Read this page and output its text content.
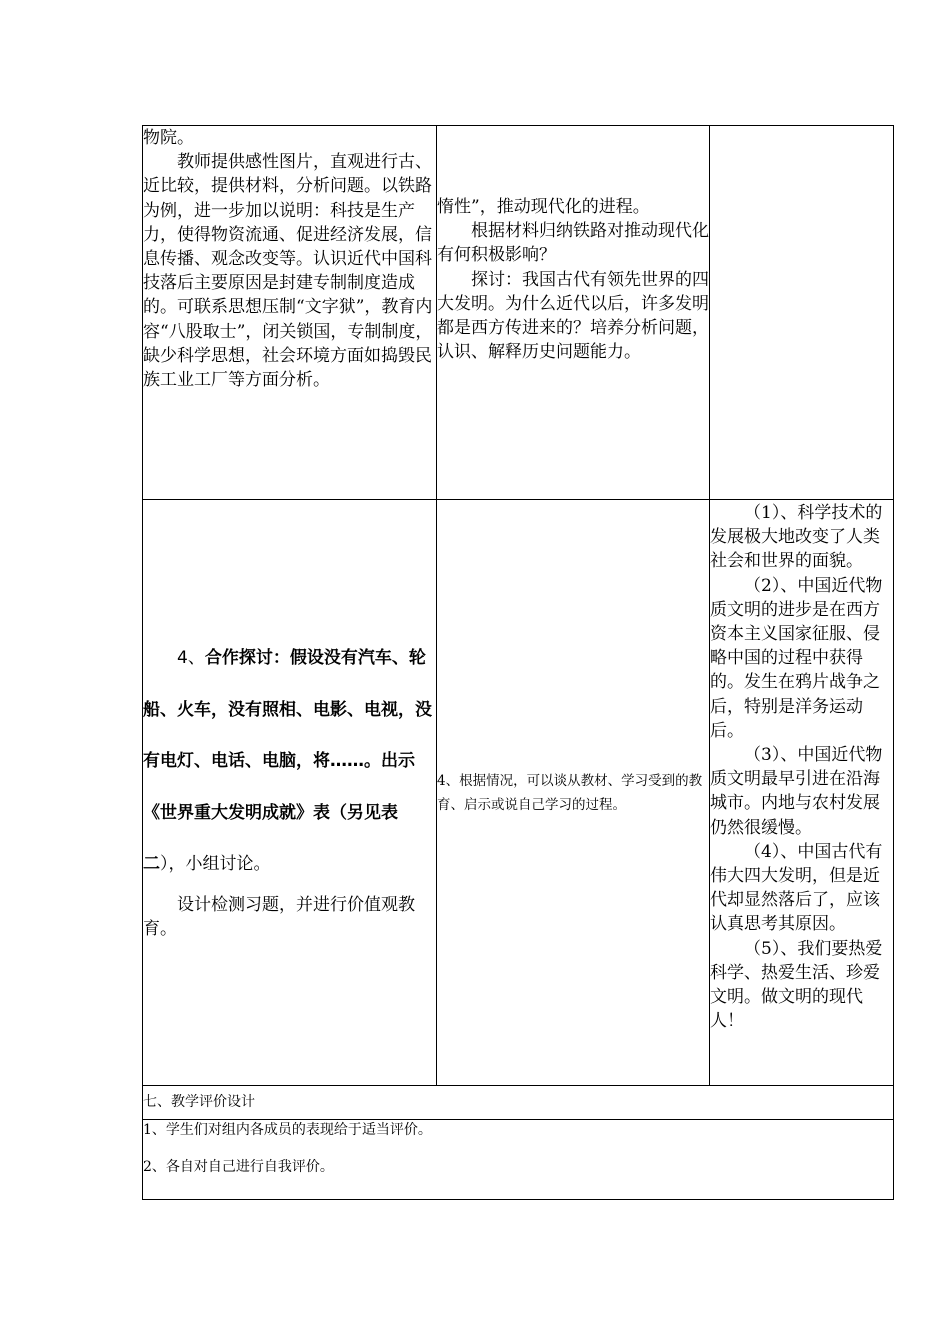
物院。

教师提供感性图片，直观进行古、近比较，提供材料，分析问题。以铁路为例，进一步加以说明：科技是生产力，使得物资流通、促进经济发展，信息传播、观念改变等。认识近代中国科技落后主要原因是封建专制制度造成的。可联系思想压制“文字狱”，教育内容“八股取士”，闭关锁国，专制制度，缺少科学思想，社会环境方面如捣毁民族工业工厂等方面分析。

惰性”，推动现代化的进程。

根据材料归纳铁路对推动现代化有何积极影响？

探讨：我国古代有领先世界的四大发明。为什么近代以后，许多发明都是西方传进来的？培养分析问题，认识、解释历史问题能力。

4、合作探讨：假设没有汽车、轮船、火车，没有照相、电影、电视，没有电灯、电话、电脑，将……。出示《世界重大发明成就》表（另见表二），小组讨论。

设计检测习题，并进行价值观教育。

4、根据情况，可以谈从教材、学习受到的教育、启示或说自己学习的过程。

（1）、科学技术的发展极大地改变了人类社会和世界的面貌。

（2）、中国近代物质文明的进步是在西方资本主义国家征服、侵略中国的过程中获得的。发生在鸦片战争之后，特别是洋务运动后。

（3）、中国近代物质文明最早引进在沿海城市。内地与农村发展仍然很缓慢。

（4）、中国古代有伟大四大发明，但是近代却显然落后了，应该认真思考其原因。

（5）、我们要热爱科学、热爱生活、珍爱文明。做文明的现代人！

七、教学评价设计

1、学生们对组内各成员的表现给于适当评价。

2、各自对自己进行自我评价。
